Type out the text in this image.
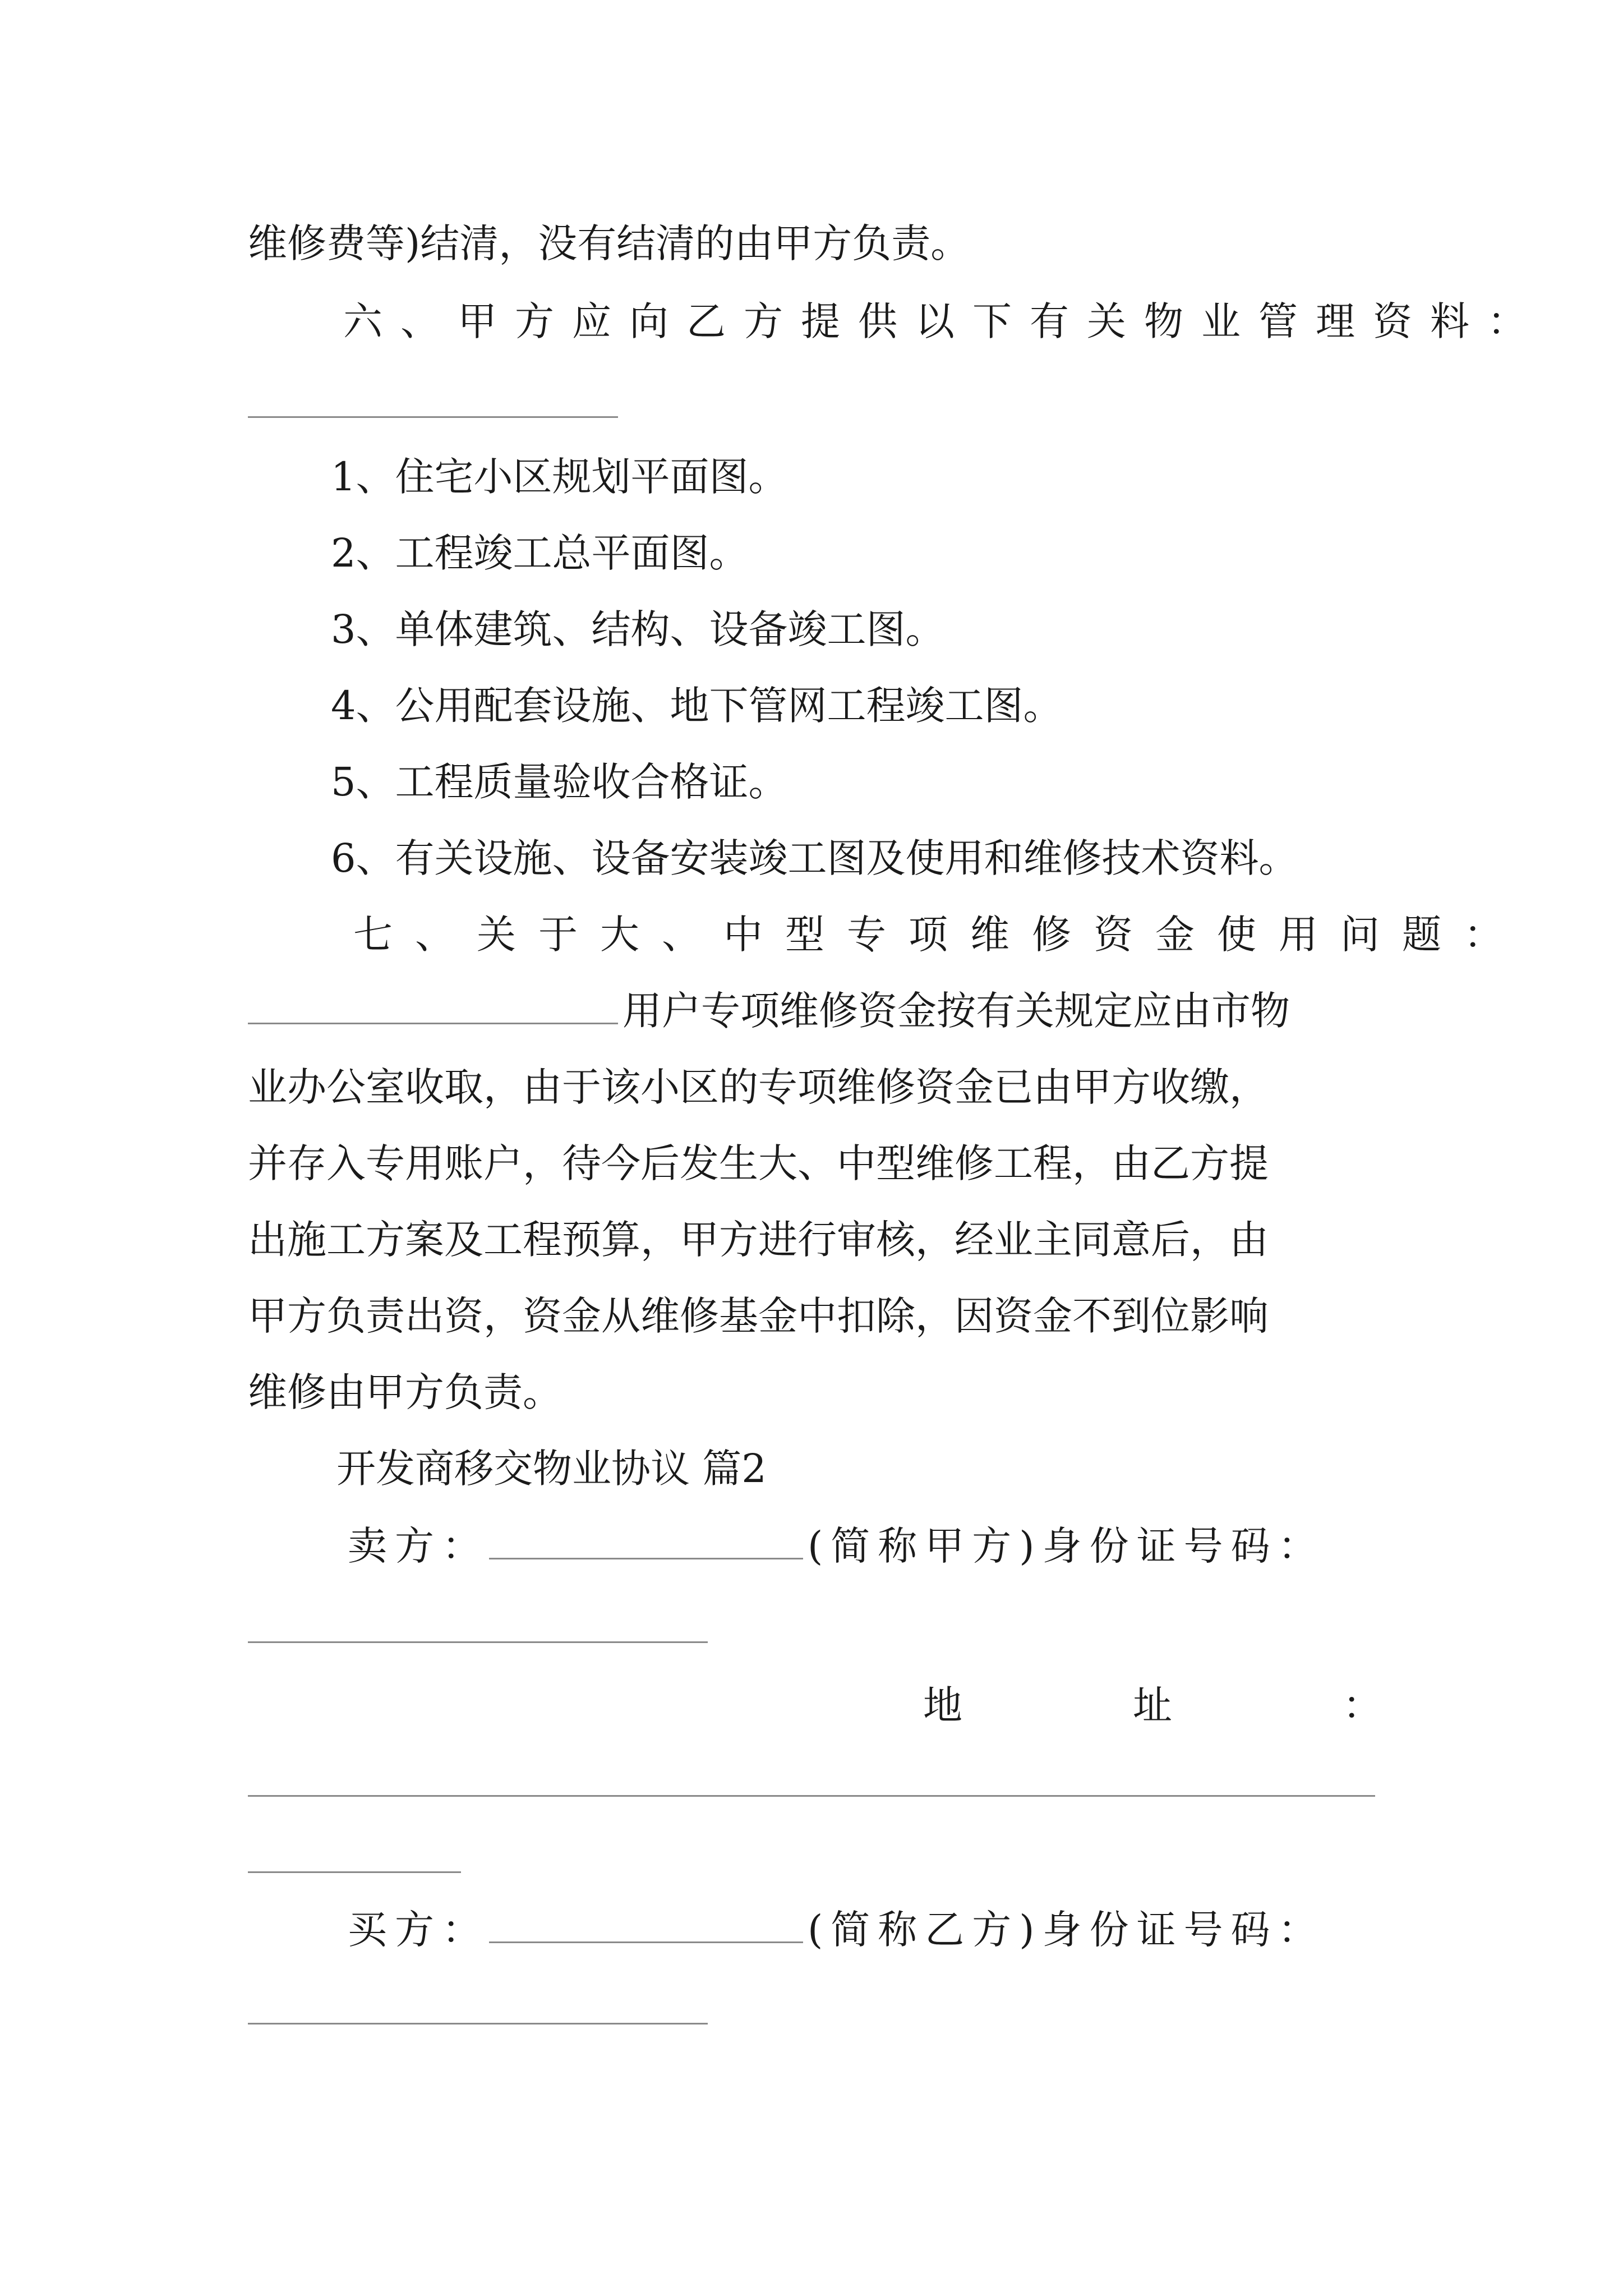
维修费等)结清，没有结清的由甲方负责。
六、甲方应向乙方提供以下有关物业管理资料：
1、住宅小区规划平面图。
2、工程竣工总平面图。
3、单体建筑、结构、设备竣工图。
4、公用配套设施、地下管网工程竣工图。
5、工程质量验收合格证。
6、有关设施、设备安装竣工图及使用和维修技术资料。
七、关于大、中型专项维修资金使用问题：
用户专项维修资金按有关规定应由市物
业办公室收取，由于该小区的专项维修资金已由甲方收缴，
并存入专用账户，待今后发生大、中型维修工程，由乙方提
出施工方案及工程预算，甲方进行审核，经业主同意后，由
甲方负责出资，资金从维修基金中扣除，因资金不到位影响
维修由甲方负责。
开发商移交物业协议 篇2
卖方：	(简称甲方)身份证号码：
地	址	：
买方：	(简称乙方)身份证号码：
